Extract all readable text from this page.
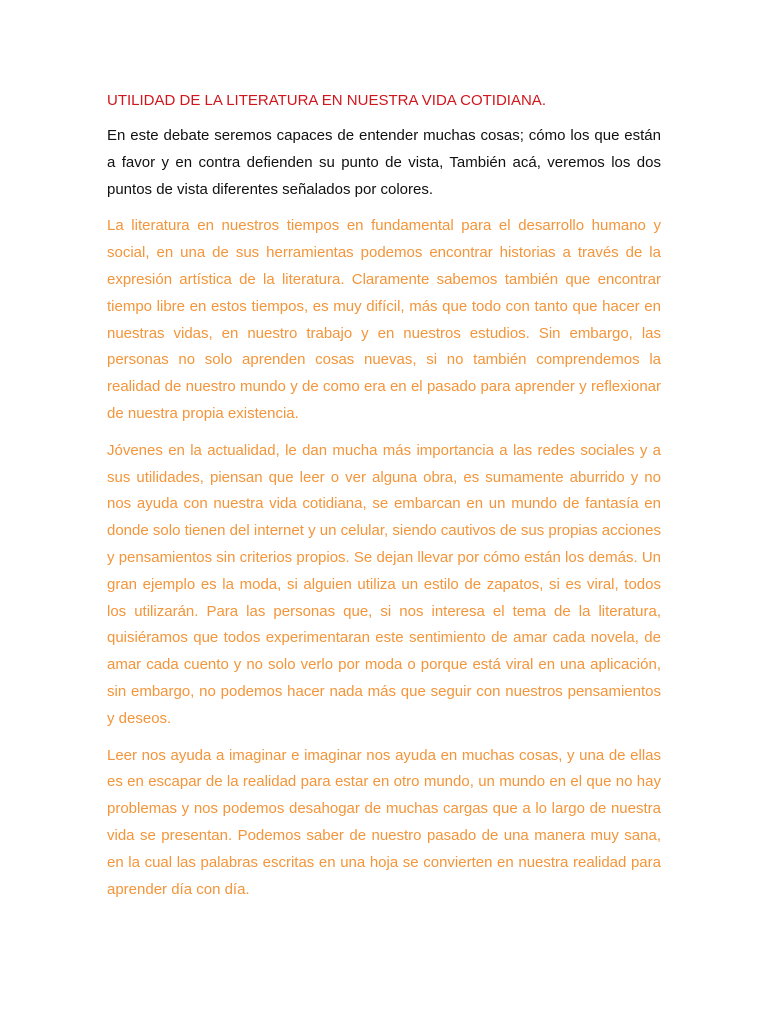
UTILIDAD DE LA LITERATURA EN NUESTRA VIDA COTIDIANA.

En este debate seremos capaces de entender muchas cosas; cómo los que están a favor y en contra defienden su punto de vista, También acá, veremos los dos puntos de vista diferentes señalados por colores.

La literatura en nuestros tiempos en fundamental para el desarrollo humano y social, en una de sus herramientas podemos encontrar historias a través de la expresión artística de la literatura. Claramente sabemos también que encontrar tiempo libre en estos tiempos, es muy difícil, más que todo con tanto que hacer en nuestras vidas, en nuestro trabajo y en nuestros estudios. Sin embargo, las personas no solo aprenden cosas nuevas, si no también comprendemos la realidad de nuestro mundo y de como era en el pasado para aprender y reflexionar de nuestra propia existencia.

Jóvenes en la actualidad, le dan mucha más importancia a las redes sociales y a sus utilidades, piensan que leer o ver alguna obra, es sumamente aburrido y no nos ayuda con nuestra vida cotidiana, se embarcan en un mundo de fantasía en donde solo tienen del internet y un celular, siendo cautivos de sus propias acciones y pensamientos sin criterios propios. Se dejan llevar por cómo están los demás. Un gran ejemplo es la moda, si alguien utiliza un estilo de zapatos, si es viral, todos los utilizarán. Para las personas que, si nos interesa el tema de la literatura, quisiéramos que todos experimentaran este sentimiento de amar cada novela, de amar cada cuento y no solo verlo por moda o porque está viral en una aplicación, sin embargo, no podemos hacer nada más que seguir con nuestros pensamientos y deseos.

Leer nos ayuda a imaginar e imaginar nos ayuda en muchas cosas, y una de ellas es en escapar de la realidad para estar en otro mundo, un mundo en el que no hay problemas y nos podemos desahogar de muchas cargas que a lo largo de nuestra vida se presentan. Podemos saber de nuestro pasado de una manera muy sana, en la cual las palabras escritas en una hoja se convierten en nuestra realidad para aprender día con día.
